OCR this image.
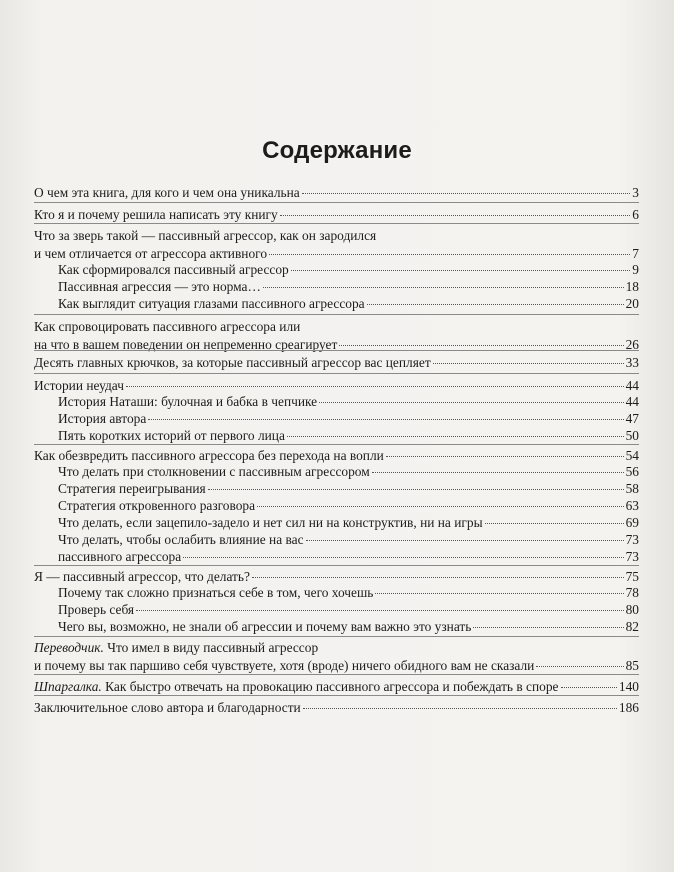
Содержание
О чем эта книга, для кого и чем она уникальна	3
Кто я и почему решила написать эту книгу	6
Что за зверь такой — пассивный агрессор, как он зародился
и чем отличается от агрессора активного	7
Как сформировался пассивный агрессор	9
Пассивная агрессия — это норма…	18
Как выглядит ситуация глазами пассивного агрессора	20
Как спровоцировать пассивного агрессора или
на что в вашем поведении он непременно среагирует	26
Десять главных крючков, за которые пассивный агрессор вас цепляет	33
Истории неудач	44
История Наташи: булочная и бабка в чепчике	44
История автора	47
Пять коротких историй от первого лица	50
Как обезвредить пассивного агрессора без перехода на вопли	54
Что делать при столкновении с пассивным агрессором	56
Стратегия переигрывания	58
Стратегия откровенного разговора	63
Что делать, если зацепило-задело и нет сил ни на конструктив, ни на игры	69
Что делать, чтобы ослабить влияние на вас	73
пассивного агрессора	73
Я — пассивный агрессор, что делать?	75
Почему так сложно признаться себе в том, чего хочешь	78
Проверь себя	80
Чего вы, возможно, не знали об агрессии и почему вам важно это узнать	82
Переводчик. Что имел в виду пассивный агрессор
и почему вы так паршиво себя чувствуете, хотя (вроде) ничего обидного вам не сказали	85
Шпаргалка. Как быстро отвечать на провокацию пассивного агрессора и побеждать в споре	140
Заключительное слово автора и благодарности	186
